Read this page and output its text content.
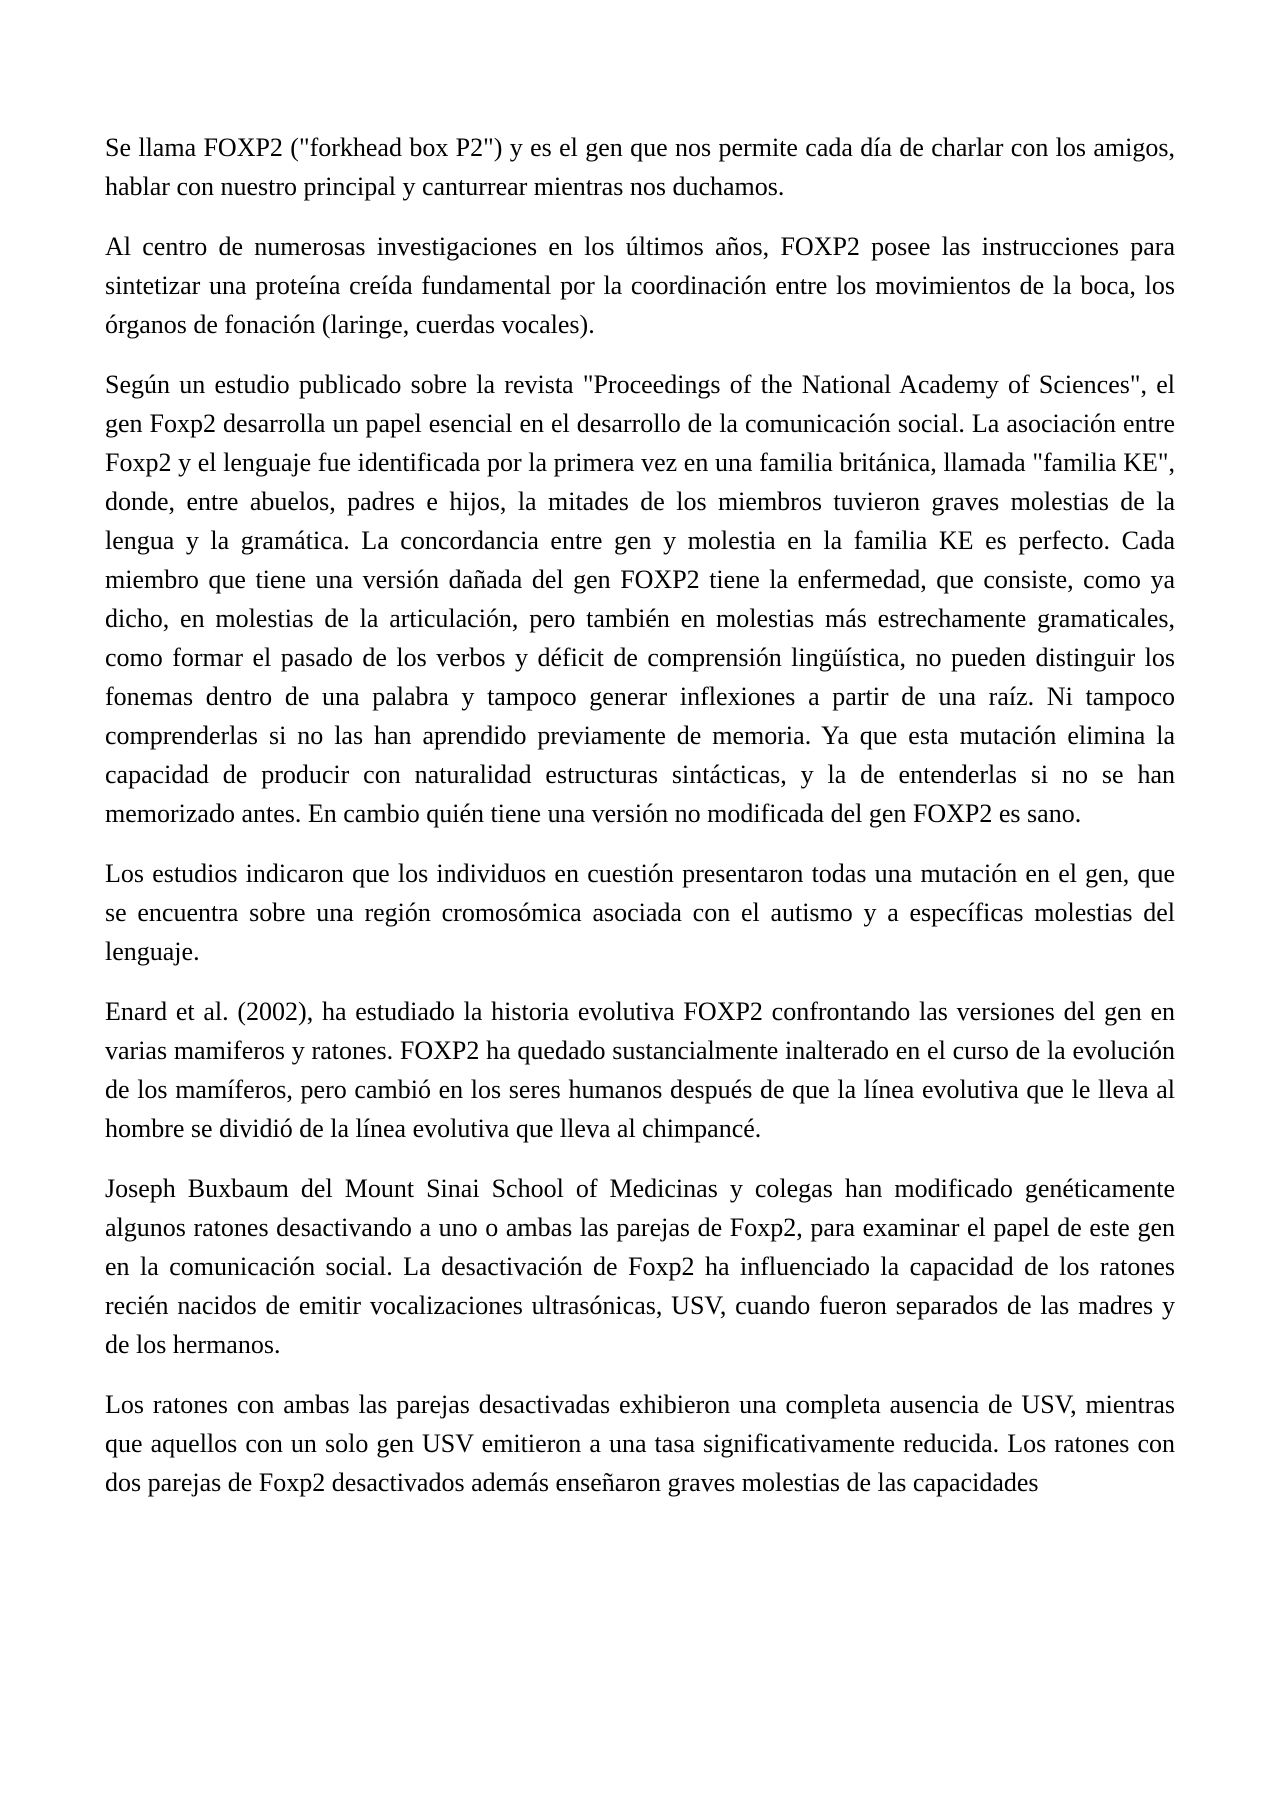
Se llama FOXP2 ("forkhead box P2") y es el gen que nos permite cada día de charlar con los amigos, hablar con nuestro principal y canturrear mientras nos duchamos.

Al centro de numerosas investigaciones en los últimos años, FOXP2 posee las instrucciones para sintetizar una proteína creída fundamental por la coordinación entre los movimientos de la boca, los órganos de fonación (laringe, cuerdas vocales).

Según un estudio publicado sobre la revista "Proceedings of the National Academy of Sciences", el gen Foxp2 desarrolla un papel esencial en el desarrollo de la comunicación social. La asociación entre Foxp2 y el lenguaje fue identificada por la primera vez en una familia británica, llamada "familia KE", donde, entre abuelos, padres e hijos, la mitades de los miembros tuvieron graves molestias de la lengua y la gramática. La concordancia entre gen y molestia en la familia KE es perfecto. Cada miembro que tiene una versión dañada del gen FOXP2 tiene la enfermedad, que consiste, como ya dicho, en molestias de la articulación, pero también en molestias más estrechamente gramaticales, como formar el pasado de los verbos y déficit de comprensión lingüística, no pueden distinguir los fonemas dentro de una palabra y tampoco generar inflexiones a partir de una raíz. Ni tampoco comprenderlas si no las han aprendido previamente de memoria. Ya que esta mutación elimina la capacidad de producir con naturalidad estructuras sintácticas, y la de entenderlas si no se han memorizado antes. En cambio quién tiene una versión no modificada del gen FOXP2 es sano.

Los estudios indicaron que los individuos en cuestión presentaron todas una mutación en el gen, que se encuentra sobre una región cromosómica asociada con el autismo y a específicas molestias del lenguaje.

Enard et al. (2002), ha estudiado la historia evolutiva FOXP2 confrontando las versiones del gen en varias mamiferos y ratones. FOXP2 ha quedado sustancialmente inalterado en el curso de la evolución de los mamíferos, pero cambió en los seres humanos después de que la línea evolutiva que le lleva al hombre se dividió de la línea evolutiva que lleva al chimpancé.

Joseph Buxbaum del Mount Sinai School of Medicinas y colegas han modificado genéticamente algunos ratones desactivando a uno o ambas las parejas de Foxp2, para examinar el papel de este gen en la comunicación social. La desactivación de Foxp2 ha influenciado la capacidad de los ratones recién nacidos de emitir vocalizaciones ultrasónicas, USV, cuando fueron separados de las madres y de los hermanos.

Los ratones con ambas las parejas desactivadas exhibieron una completa ausencia de USV, mientras que aquellos con un solo gen USV emitieron a una tasa significativamente reducida. Los ratones con dos parejas de Foxp2 desactivados además enseñaron graves molestias de las capacidades
